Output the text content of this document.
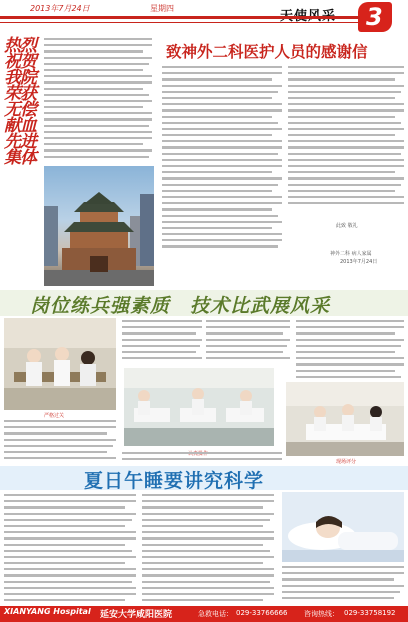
2013年7月24日	星期四	3
热烈祝贺我院荣获无偿献血先进集体
致神外二科医护人员的感谢信
此致 敬礼
神外二科 病人家属
2013年7月24日
岗位练兵强素质　技术比武展风采
严格过关
现场评分
夏日午睡要讲究科学
XIANYANG Hospital 延安大学咸阳医院	急救电话： 029-33766666 咨询热线： 029-33758192
